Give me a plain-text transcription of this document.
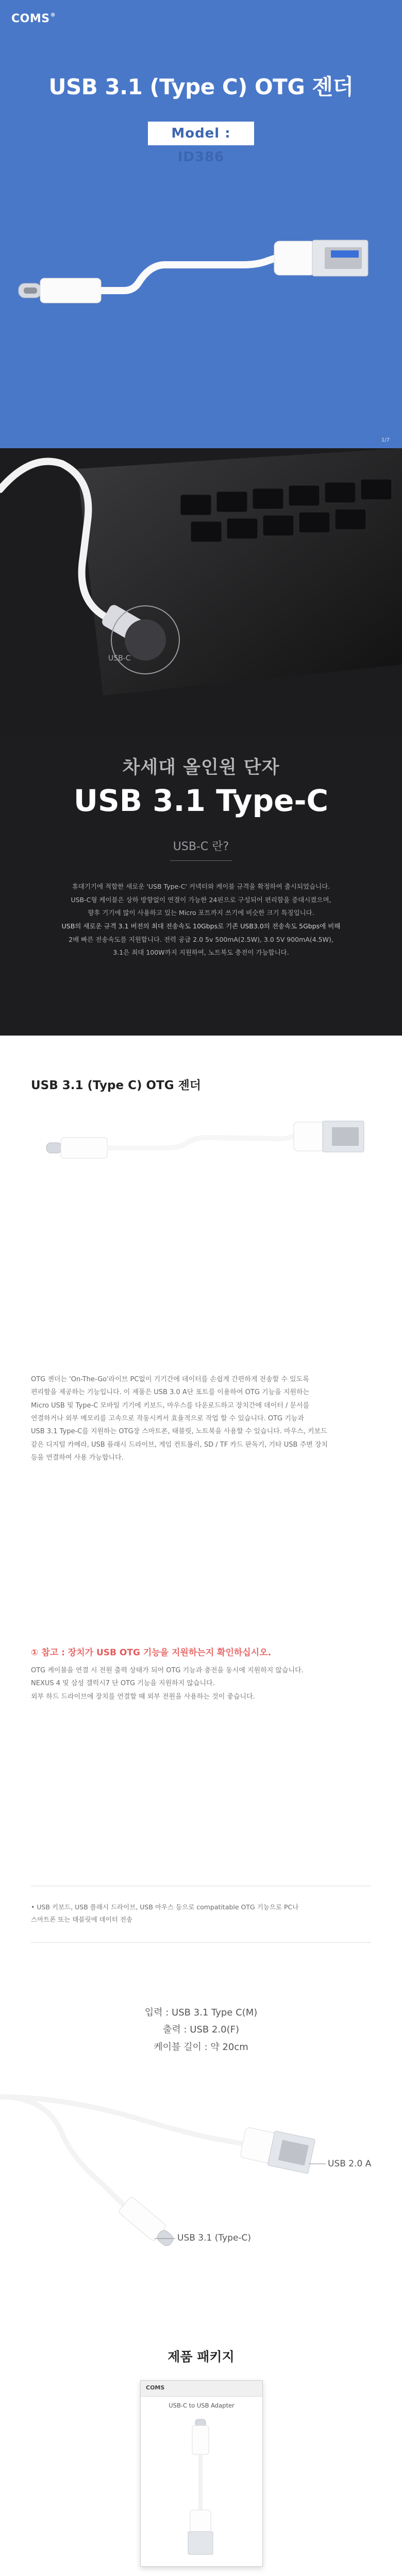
COMS®
USB 3.1 (Type C) OTG 젠더
Model : ID386
1/7
USB-C
차세대 올인원 단자
USB 3.1 Type-C
USB-C 란?
휴대기기에 적합한 새로운 'USB Type-C' 커넥터와 케이블 규격을 확정하여 출시되었습니다.
USB-C형 케이블은 상하 방향없이 연결이 가능한 24핀으로 구성되어 편리함을 증대시켰으며,
향후 기기에 많이 사용하고 있는 Micro 포트까지 쓰기에 비슷한 크기 특징입니다.
USB의 새로운 규격 3.1 버전의 최대 전송속도 10Gbps로 기존 USB3.0의 전송속도 5Gbps에 비해
2배 빠른 전송속도를 지원합니다. 전력 공급 2.0 5v 500mA(2.5W), 3.0 5V 900mA(4.5W),
3.1은 최대 100W까지 지원하여, 노트북도 충전이 가능합니다.
USB 3.1 (Type C) OTG 젠더
OTG 젠더는 'On-The-Go'라이브 PC없이 기기간에 데이터를 손쉽게 간편하게 전송할 수 있도록
편리함을 제공하는 기능입니다. 이 제품은 USB 3.0 A단 포트를 이용하여 OTG 기능을 지원하는
Micro USB 및 Type-C 모바일 기기에 키보드, 마우스를 다운로드하고 장치간에 데이터 / 문서를
연결하거나 외부 메모리를 고속으로 작동시켜서 효율적으로 작업 할 수 있습니다. OTG 기능과
USB 3.1 Type-C를 지원하는 OTG장 스마트폰, 태블릿, 노트북을 사용할 수 있습니다. 마우스, 키보드
같은 디지털 카메라, USB 플래시 드라이브, 게임 컨트롤러, SD / TF 카드 판독기, 기타 USB 주변 장치
등을 연결하여 사용 가능합니다.
① 참고 : 장치가 USB OTG 기능을 지원하는지 확인하십시오.
OTG 케이블을 연결 시 전원 출력 상태가 되어 OTG 기능과 충전을 동시에 지원하지 않습니다.
NEXUS 4 및 삼성 갤럭시7 단 OTG 기능을 지원하지 않습니다.
외부 하드 드라이브에 장치를 연결할 때 외부 전원을 사용하는 것이 좋습니다.
• USB 키보드, USB 플래시 드라이브, USB 마우스 등으로 compatitable OTG 기능으로 PC나
스마트폰 또는 태블릿에 데이터 전송
입력 : USB 3.1 Type C(M)
출력 : USB 2.0(F)
케이블 길이 : 약 20cm
USB 2.0 A
USB 3.1 (Type-C)
제품 패키지
COMS
USB-C to USB Adapter
